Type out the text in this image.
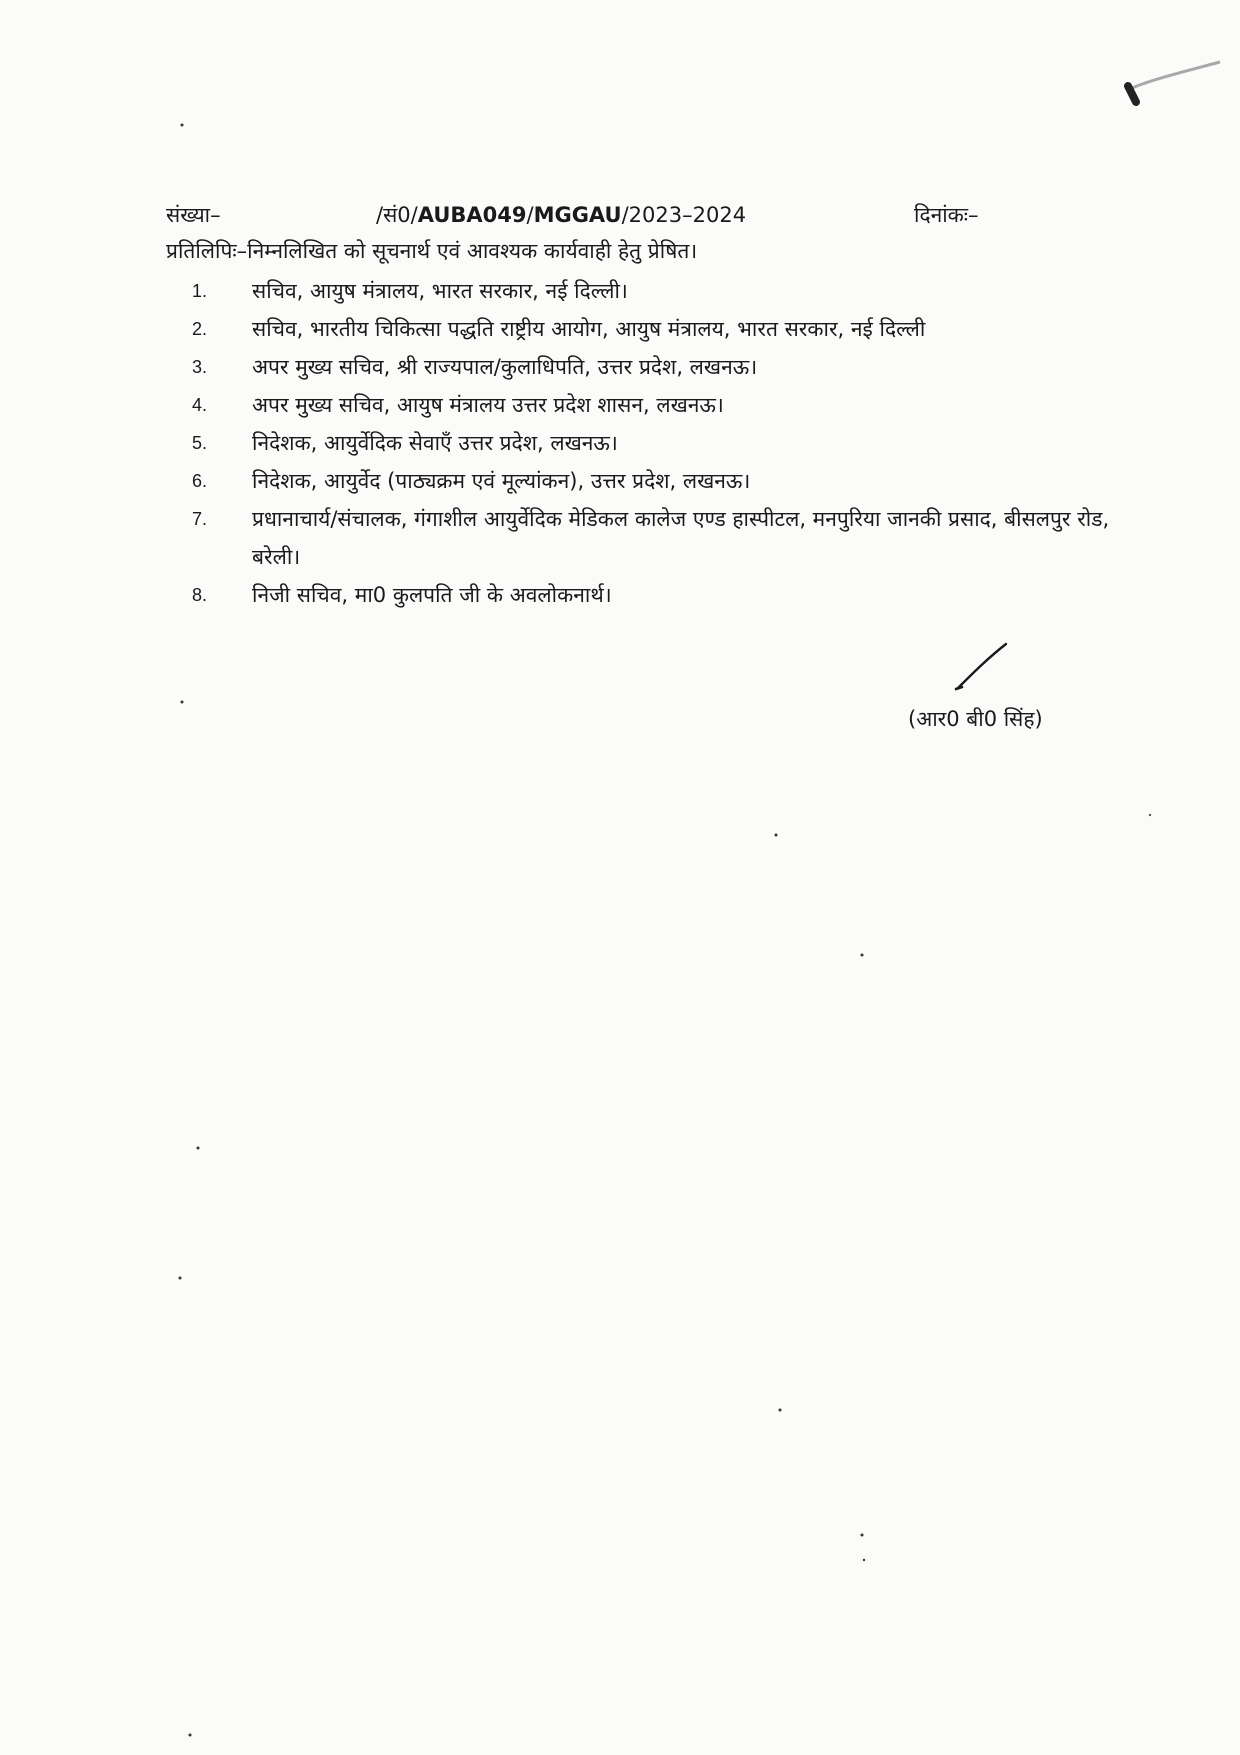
संख्या–	/सं0/AUBA049/MGGAU/2023–2024	दिनांकः–
प्रतिलिपिः–निम्नलिखित को सूचनार्थ एवं आवश्यक कार्यवाही हेतु प्रेषित।
1. सचिव, आयुष मंत्रालय, भारत सरकार, नई दिल्ली।
2. सचिव, भारतीय चिकित्सा पद्धति राष्ट्रीय आयोग, आयुष मंत्रालय, भारत सरकार, नई दिल्ली
3. अपर मुख्य सचिव, श्री राज्यपाल/कुलाधिपति, उत्तर प्रदेश, लखनऊ।
4. अपर मुख्य सचिव, आयुष मंत्रालय उत्तर प्रदेश शासन, लखनऊ।
5. निदेशक, आयुर्वेदिक सेवाएँ उत्तर प्रदेश, लखनऊ।
6. निदेशक, आयुर्वेद (पाठ्यक्रम एवं मूल्यांकन), उत्तर प्रदेश, लखनऊ।
7. प्रधानाचार्य/संचालक, गंगाशील आयुर्वेदिक मेडिकल कालेज एण्ड हास्पीटल, मनपुरिया जानकी प्रसाद, बीसलपुर रोड, बरेली।
8. निजी सचिव, मा0 कुलपति जी के अवलोकनार्थ।
(आर0 बी0 सिंह)
